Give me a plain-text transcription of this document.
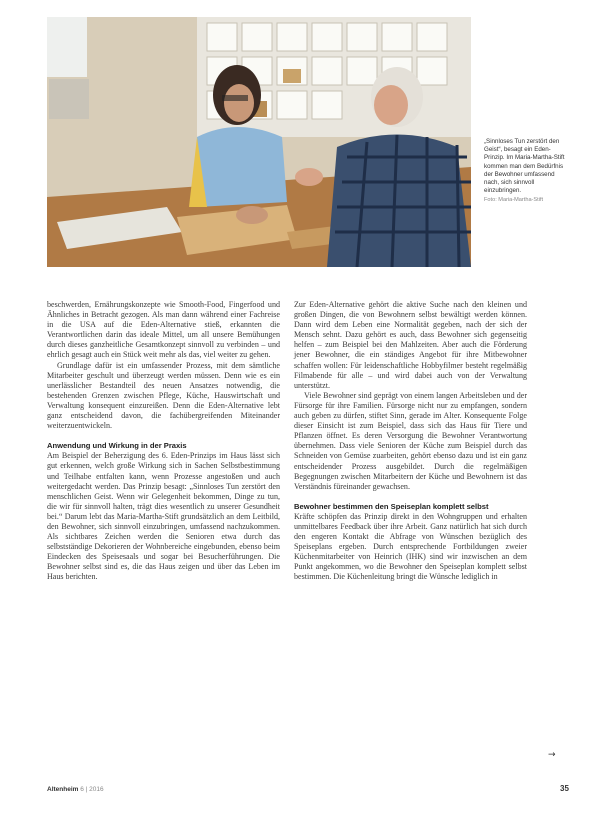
„Sinnloses Tun zerstört den Geist“, besagt ein Eden-Prinzip. Im Maria-Martha-Stift kommen man dem Bedürfnis der Bewohner umfassend nach, sich sinnvoll einzubringen.
Foto: Maria-Martha-Stift

beschwerden, Ernährungskonzepte wie Smooth-Food, Fingerfood und Ähnliches in Betracht gezogen. Als man dann während einer Fachreise in die USA auf die Eden-Alternative stieß, erkannten die Verantwortlichen darin das ideale Mittel, um all unsere Bemühungen durch dieses ganzheitliche Gesamtkonzept sinnvoll zu verbinden – und ehrlich gesagt auch ein Stück weit mehr als das, viel weiter zu gehen.

Grundlage dafür ist ein umfassender Prozess, mit dem sämtliche Mitarbeiter geschult und überzeugt werden müssen. Denn wie es ein unerlässlicher Bestandteil des neuen Ansatzes notwendig, die bestehenden Grenzen zwischen Pflege, Küche, Hauswirtschaft und Verwaltung konsequent einzureißen. Denn die Eden-Alternative lebt ganz entscheidend davon, die fachübergreifenden Miteinander weiterzuentwickeln.

Anwendung und Wirkung in der Praxis

Am Beispiel der Beherzigung des 6. Eden-Prinzips im Haus lässt sich gut erkennen, welch große Wirkung sich in Sachen Selbstbestimmung und Teilhabe entfalten kann, wenn Prozesse angestoßen und auch weitergedacht werden. Das Prinzip besagt: „Sinnloses Tun zerstört den menschlichen Geist. Wenn wir Gelegenheit bekommen, Dinge zu tun, die wir für sinnvoll halten, trägt dies wesentlich zu unserer Gesundheit bei.“ Darum lebt das Maria-Martha-Stift grundsätzlich an dem Leitbild, den Bewohner, sich sinnvoll einzubringen, umfassend nachzukommen. Als sichtbares Zeichen werden die Senioren etwa durch das selbstständige Dekorieren der Wohnbereiche eingebunden, ebenso beim Eindecken des Speisesaals und sogar bei Besucherführungen. Die Bewohner selbst sind es, die das Haus zeigen und über das Leben im Haus berichten.

Zur Eden-Alternative gehört die aktive Suche nach den kleinen und großen Dingen, die von Bewohnern selbst bewältigt werden können. Dann wird dem Leben eine Normalität gegeben, nach der sich der Mensch sehnt. Dazu gehört es auch, dass Bewohner sich gegenseitig helfen – zum Beispiel bei den Mahlzeiten. Aber auch die Förderung jener Bewohner, die ein ständiges Angebot für ihre Mitbewohner schaffen wollen: Für leidenschaftliche Hobbyfilmer besteht regelmäßig Filmabende für alle – und wird dabei auch von der Verwaltung unterstützt.

Viele Bewohner sind geprägt von einem langen Arbeitsleben und der Fürsorge für ihre Familien. Fürsorge nicht nur zu empfangen, sondern auch geben zu dürfen, stiftet Sinn, gerade im Alter. Konsequente Folge dieser Einsicht ist zum Beispiel, dass sich das Haus für Tiere und Pflanzen öffnet. Es deren Versorgung die Bewohner Verantwortung übernehmen. Dass viele Senioren der Küche zum Beispiel durch das Schneiden von Gemüse zuarbeiten, gehört ebenso dazu und ist ein ganz entscheidender Prozess ausgebildet. Durch die regelmäßigen Begegnungen zwischen Mitarbeitern der Küche und Bewohnern ist das Verständnis füreinander gewachsen.

Bewohner bestimmen den Speiseplan komplett selbst

Kräfte schöpfen das Prinzip direkt in den Wohngruppen und erhalten unmittelbares Feedback über ihre Arbeit. Ganz natürlich hat sich durch den engeren Kontakt die Abfrage von Wünschen bezüglich des Speiseplans ergeben. Durch entsprechende Fortbildungen zweier Küchenmitarbeiter von Heinrich (IHK) sind wir inzwischen an dem Punkt angekommen, wo die Bewohner den Speiseplan komplett selbst bestimmen. Die Küchenleitung bringt die Wünsche lediglich in

→
Altenheim 6 | 2016	35
